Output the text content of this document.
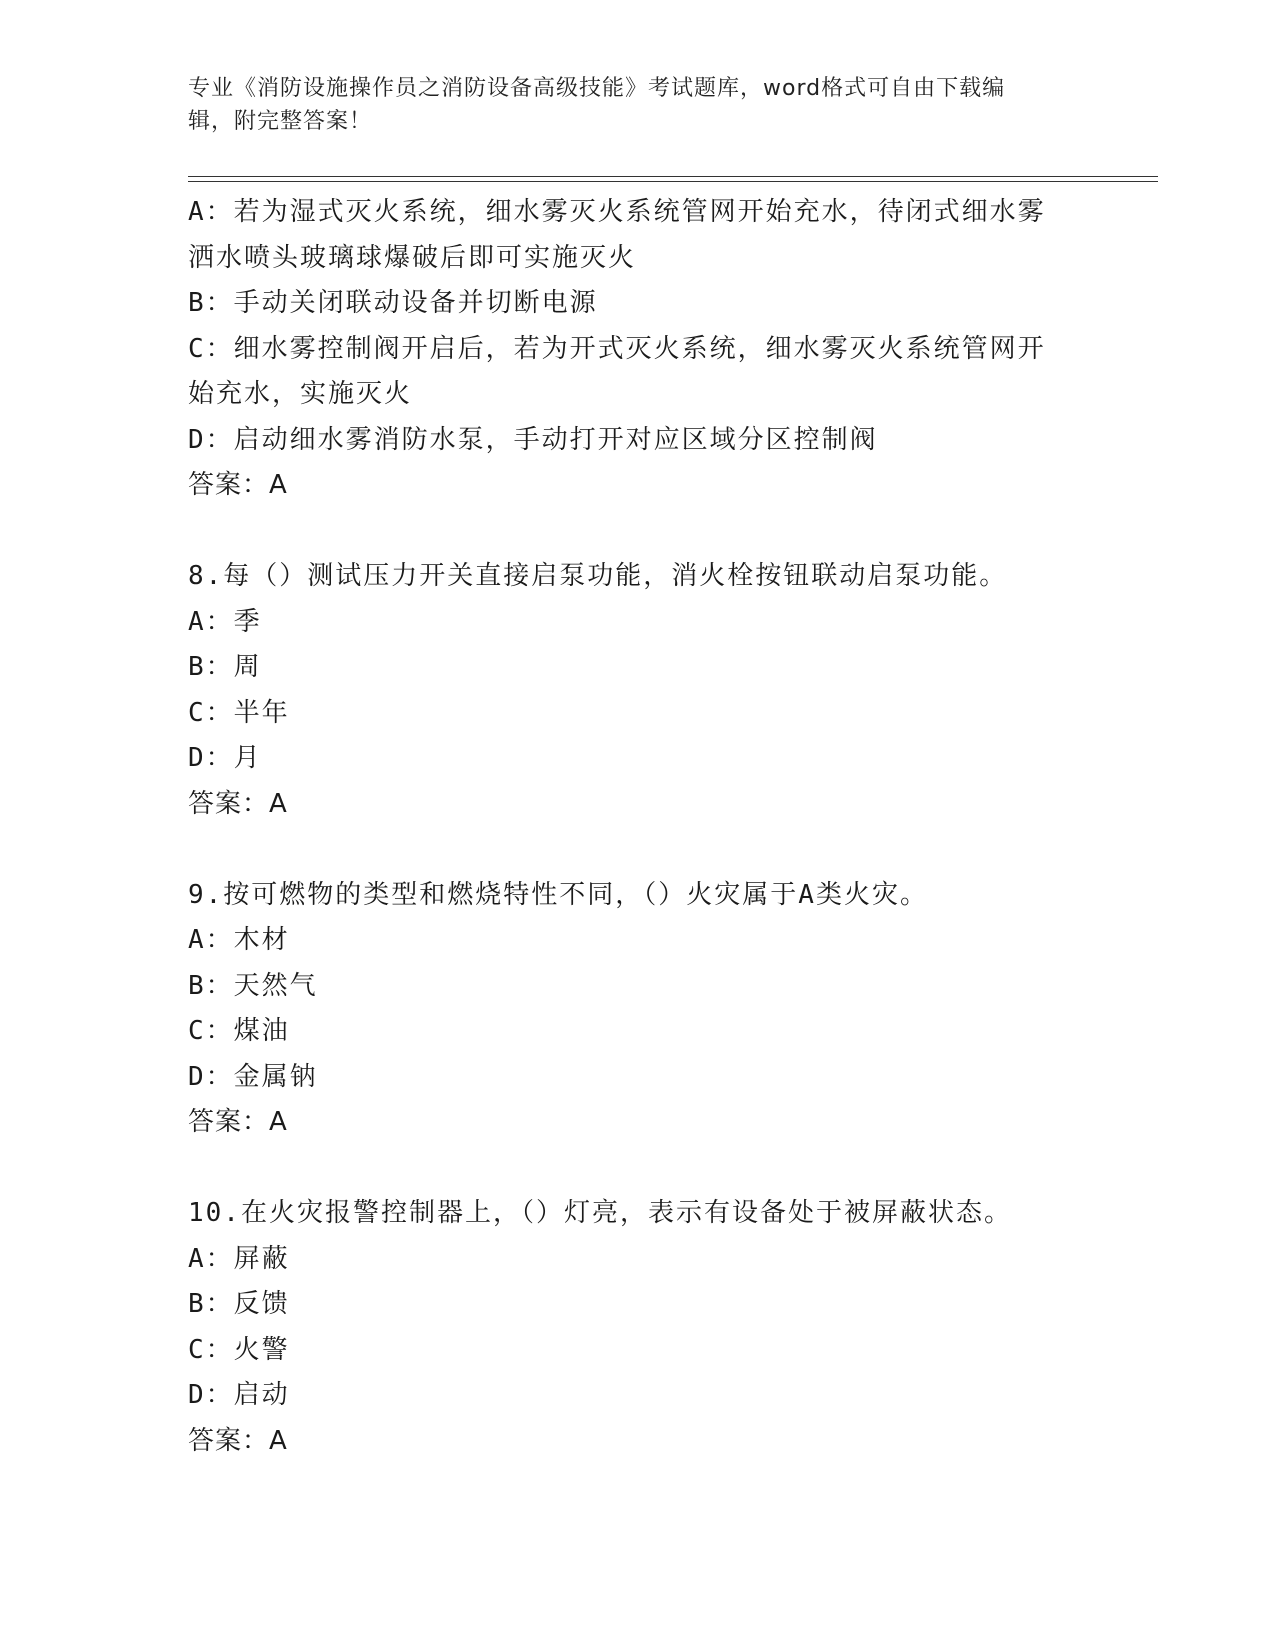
专业《消防设施操作员之消防设备高级技能》考试题库，word格式可自由下载编
辑，附完整答案！
A：若为湿式灭火系统，细水雾灭火系统管网开始充水，待闭式细水雾
洒水喷头玻璃球爆破后即可实施灭火
B：手动关闭联动设备并切断电源
C：细水雾控制阀开启后，若为开式灭火系统，细水雾灭火系统管网开
始充水，实施灭火
D：启动细水雾消防水泵，手动打开对应区域分区控制阀
答案：A
8.每（）测试压力开关直接启泵功能，消火栓按钮联动启泵功能。
A：季
B：周
C：半年
D：月
答案：A
9.按可燃物的类型和燃烧特性不同，（）火灾属于A类火灾。
A：木材
B：天然气
C：煤油
D：金属钠
答案：A
10.在火灾报警控制器上，（）灯亮，表示有设备处于被屏蔽状态。
A：屏蔽
B：反馈
C：火警
D：启动
答案：A
